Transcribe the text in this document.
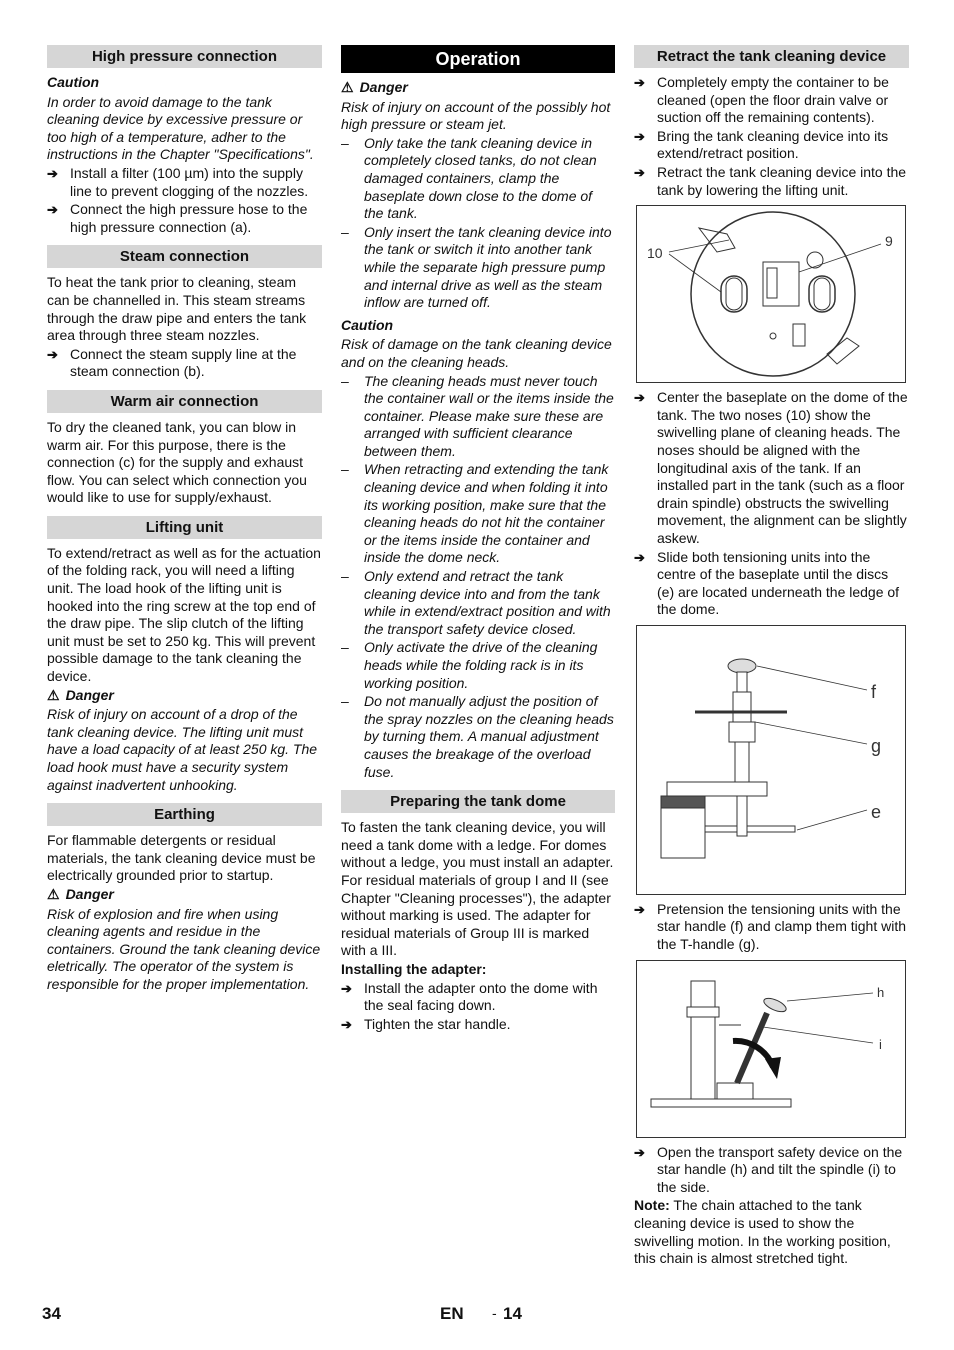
High pressure connection
Caution

In order to avoid damage to the tank cleaning device by excessive pressure or too high of a temperature, adher to the instructions in the Chapter "Specifications".

➔ Install a filter (100 µm) into the supply line to prevent clogging of the nozzles.
➔ Connect the high pressure hose to the high pressure connection (a).
Steam connection

To heat the tank prior to cleaning, steam can be channelled in. This steam streams through the draw pipe and enters the tank area through three steam nozzles.

➔ Connect the steam supply line at the steam connection (b).
Warm air connection

To dry the cleaned tank, you can blow in warm air. For this purpose, there is the connection (c) for the supply and exhaust flow. You can select which connection you would like to use for supply/exhaust.

Lifting unit

To extend/retract as well as for the actuation of the folding rack, you will need a lifting unit. The load hook of the lifting unit is hooked into the ring screw at the top end of the draw pipe. The slip clutch of the lifting unit must be set to 250 kg. This will prevent possible damage to the tank cleaning the device.

⚠ Danger

Risk of injury on account of a drop of the tank cleaning device. The lifting unit must have a load capacity of at least 250 kg. The load hook must have a security system against inadvertent unhooking.

Earthing

For flammable detergents or residual materials, the tank cleaning device must be electrically grounded prior to startup.

⚠ Danger

Risk of explosion and fire when using cleaning agents and residue in the containers. Ground the tank cleaning device eletrically. The operator of the system is responsible for the proper implementation.

Operation
⚠ Danger

Risk of injury on account of the possibly hot high pressure or steam jet.

– Only take the tank cleaning device in completely closed tanks, do not clean damaged containers, clamp the baseplate down close to the dome of the tank.
– Only insert the tank cleaning device into the tank or switch it into another tank while the separate high pressure pump and internal drive as well as the steam inflow are turned off.
Caution

Risk of damage on the tank cleaning device and on the cleaning heads.

– The cleaning heads must never touch the container wall or the items inside the container. Please make sure these are arranged with sufficient clearance between them.
– When retracting and extending the tank cleaning device and when folding it into its working position, make sure that the cleaning heads do not hit the container or the items inside the container and inside the dome neck.
– Only extend and retract the tank cleaning device into and from the tank while in extend/extract position and with the transport safety device closed.
– Only activate the drive of the cleaning heads while the folding rack is in its working position.
– Do not manually adjust the position of the spray nozzles on the cleaning heads by turning them. A manual adjustment causes the breakage of the overload fuse.
Preparing the tank dome

To fasten the tank cleaning device, you will need a tank dome with a ledge. For domes without a ledge, you must install an adapter. For residual materials of group I and II (see Chapter "Cleaning processes"), the adapter without marking is used. The adapter for residual materials of Group III is marked with a III.

Installing the adapter:
➔ Install the adapter onto the dome with the seal facing down.
➔ Tighten the star handle.
Retract the tank cleaning device
➔ Completely empty the container to be cleaned (open the floor drain valve or suction off the remaining contents).
➔ Bring the tank cleaning device into its extend/retract position.
➔ Retract the tank cleaning device into the tank by lowering the lifting unit.
10
9
➔ Center the baseplate on the dome of the tank. The two noses (10) show the swivelling plane of cleaning heads. The noses should be aligned with the longitudinal axis of the tank. If an installed part in the tank (such as a floor drain spindle) obstructs the swivelling movement, the alignment can be slightly askew.
➔ Slide both tensioning units into the centre of the baseplate until the discs (e) are located underneath the ledge of the dome.
f
g
e
➔ Pretension the tensioning units with the star handle (f) and clamp them tight with the T-handle (g).
h
i
➔ Open the transport safety device on the star handle (h) and tilt the spindle (i) to the side.

Note: The chain attached to the tank cleaning device is used to show the swivelling motion. In the working position, this chain is almost stretched tight.

34	EN - 14
